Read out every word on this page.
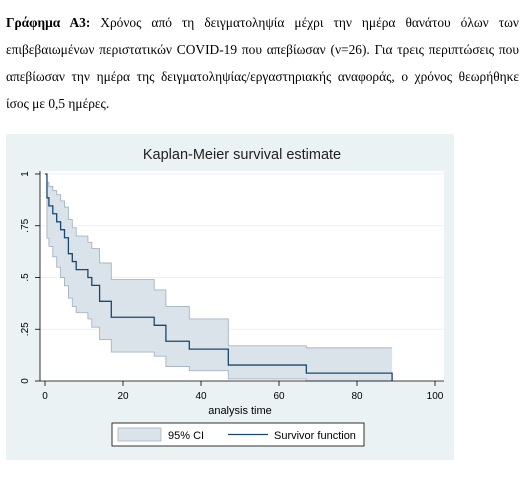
Γράφημα Α3: Χρόνος από τη δειγματοληψία μέχρι την ημέρα θανάτου όλων των επιβεβαιωμένων περιστατικών COVID-19 που απεβίωσαν (ν=26). Για τρεις περιπτώσεις που απεβίωσαν την ημέρα της δειγματοληψίας/εργαστηριακής αναφοράς, ο χρόνος θεωρήθηκε ίσος με 0,5 ημέρες.
Kaplan-Meier survival estimate
0
.25
.5
.75
1
0	20	40	60	80	100
analysis time
95% CI	Survivor function
